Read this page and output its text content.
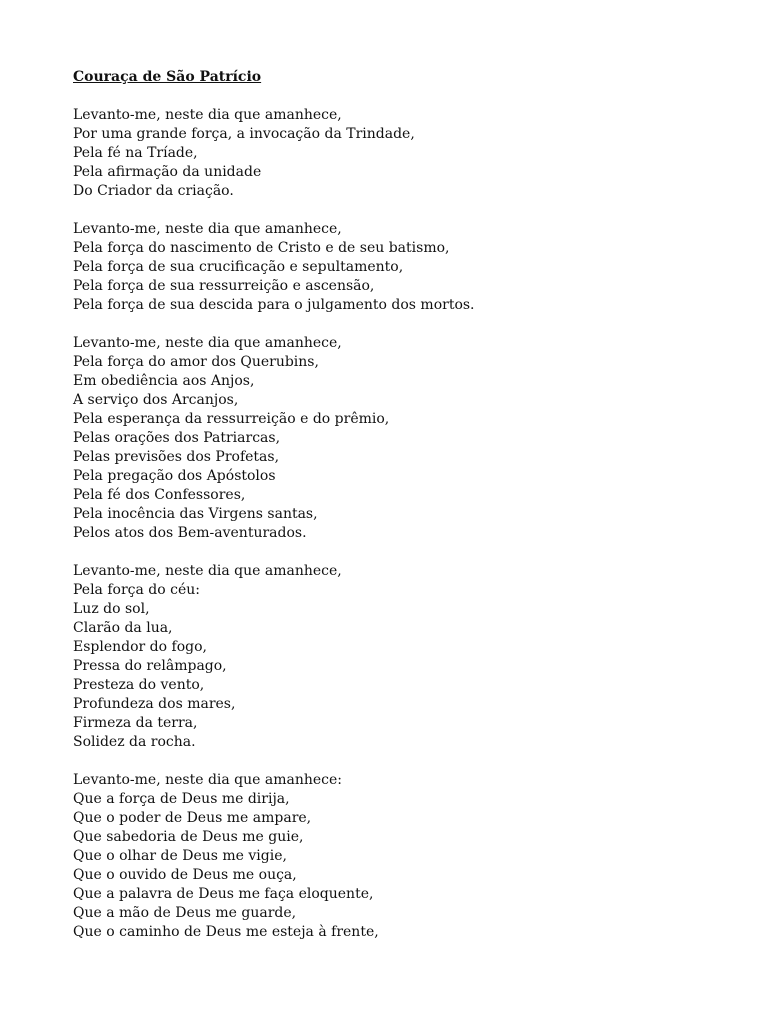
Couraça de São Patrício
Levanto-me, neste dia que amanhece,
Por uma grande força, a invocação da Trindade,
Pela fé na Tríade,
Pela afirmação da unidade
Do Criador da criação.
Levanto-me, neste dia que amanhece,
Pela força do nascimento de Cristo e de seu batismo,
Pela força de sua crucificação e sepultamento,
Pela força de sua ressurreição e ascensão,
Pela força de sua descida para o julgamento dos mortos.
Levanto-me, neste dia que amanhece,
Pela força do amor dos Querubins,
Em obediência aos Anjos,
A serviço dos Arcanjos,
Pela esperança da ressurreição e do prêmio,
Pelas orações dos Patriarcas,
Pelas previsões dos Profetas,
Pela pregação dos Apóstolos
Pela fé dos Confessores,
Pela inocência das Virgens santas,
Pelos atos dos Bem-aventurados.
Levanto-me, neste dia que amanhece,
Pela força do céu:
Luz do sol,
Clarão da lua,
Esplendor do fogo,
Pressa do relâmpago,
Presteza do vento,
Profundeza dos mares,
Firmeza da terra,
Solidez da rocha.
Levanto-me, neste dia que amanhece:
Que a força de Deus me dirija,
Que o poder de Deus me ampare,
Que sabedoria de Deus me guie,
Que o olhar de Deus me vigie,
Que o ouvido de Deus me ouça,
Que a palavra de Deus me faça eloquente,
Que a mão de Deus me guarde,
Que o caminho de Deus me esteja à frente,
